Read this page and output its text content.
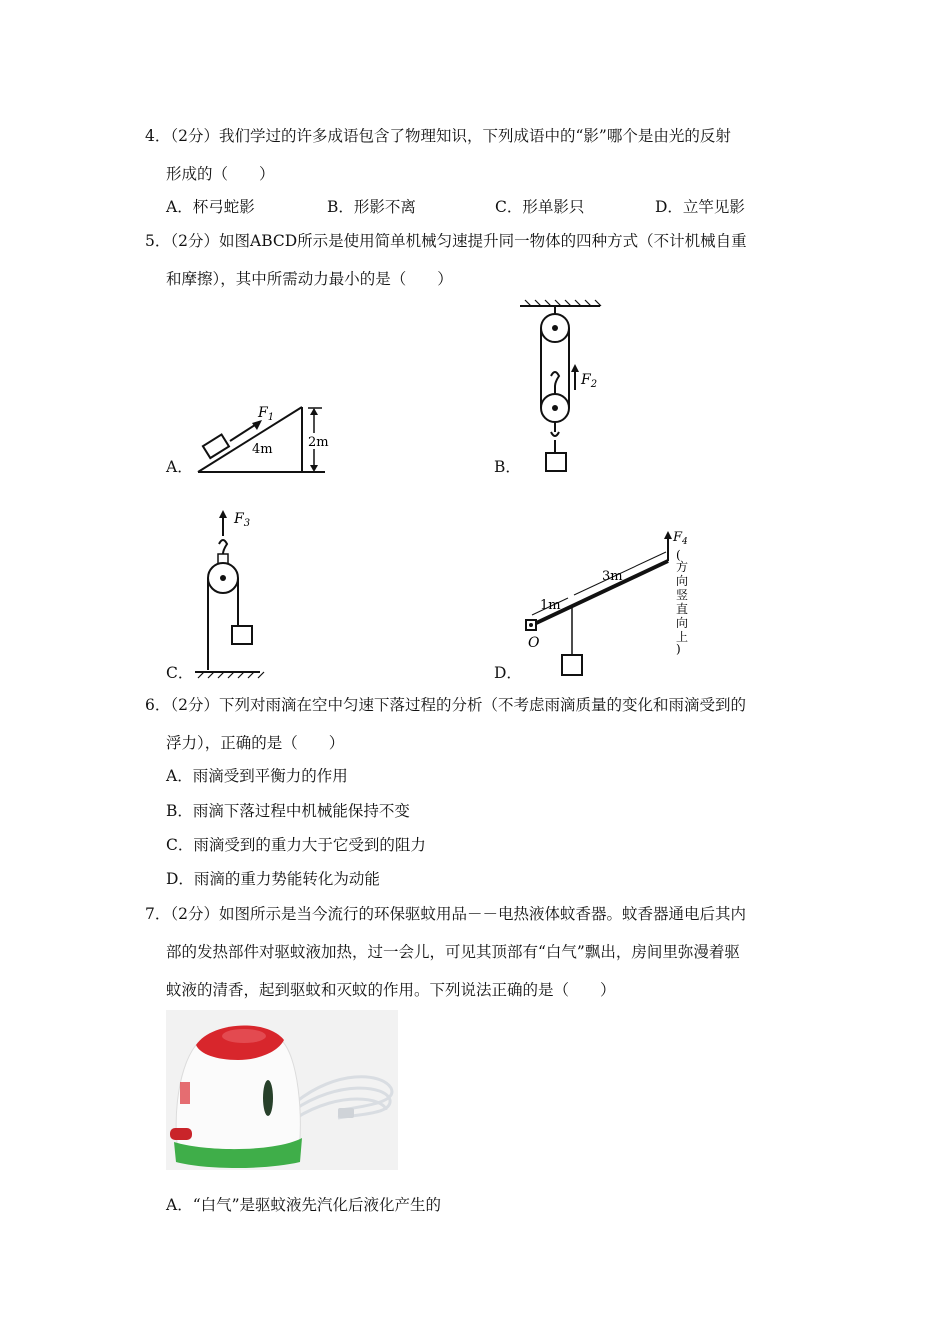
4．（2分）我们学过的许多成语包含了物理知识，下列成语中的“影”哪个是由光的反射
形成的（　　）
A．杯弓蛇影	B．形影不离	C．形单影只	D．立竿见影
5．（2分）如图ABCD所示是使用简单机械匀速提升同一物体的四种方式（不计机械自重
和摩擦），其中所需动力最小的是（　　）
A．
$F_1$
4m	2m
B．
$F_2$
C．
$F_3$
D．
O
1m
3m
$F_4$
(
方
向
竖
直
向
上
)
6．（2分）下列对雨滴在空中匀速下落过程的分析（不考虑雨滴质量的变化和雨滴受到的
浮力），正确的是（　　）
A．雨滴受到平衡力的作用
B．雨滴下落过程中机械能保持不变
C．雨滴受到的重力大于它受到的阻力
D．雨滴的重力势能转化为动能
7．（2分）如图所示是当今流行的环保驱蚊用品－－电热液体蚊香器。蚊香器通电后其内
部的发热部件对驱蚊液加热，过一会儿，可见其顶部有“白气”飘出，房间里弥漫着驱
蚊液的清香，起到驱蚊和灭蚊的作用。下列说法正确的是（　　）
A．“白气”是驱蚊液先汽化后液化产生的
